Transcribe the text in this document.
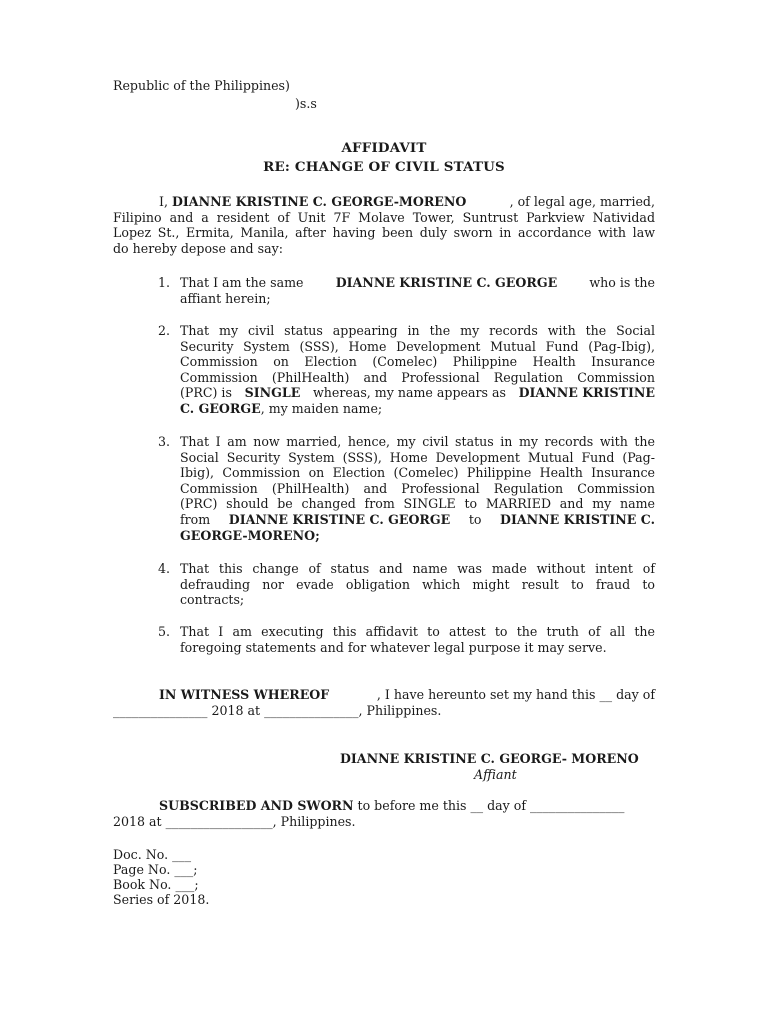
Republic of the Philippines)
)s.s
AFFIDAVIT
RE: CHANGE OF CIVIL STATUS
I, DIANNE KRISTINE C. GEORGE-MORENO	, of legal age, married,
Filipino and a resident of Unit 7F Molave Tower, Suntrust Parkview Natividad
Lopez St., Ermita, Manila, after having been duly sworn in accordance with law
do hereby depose and say:
1. That I am the same	DIANNE KRISTINE C. GEORGE	who is the
affiant herein;
2. That my civil status appearing in the my records with the Social
Security System (SSS), Home Development Mutual Fund (Pag-Ibig),
Commission on Election (Comelec) Philippine Health Insurance
Commission (PhilHealth) and Professional Regulation Commission
(PRC) is SINGLE whereas, my name appears as DIANNE KRISTINE
C. GEORGE, my maiden name;
3. That I am now married, hence, my civil status in my records with the
Social Security System (SSS), Home Development Mutual Fund (Pag-
Ibig), Commission on Election (Comelec) Philippine Health Insurance
Commission (PhilHealth) and Professional Regulation Commission
(PRC) should be changed from SINGLE to MARRIED and my name
from DIANNE KRISTINE C. GEORGE to DIANNE KRISTINE C.
GEORGE-MORENO;
4. That this change of status and name was made without intent of
defrauding nor evade obligation which might result to fraud to
contracts;
5. That I am executing this affidavit to attest to the truth of all the
foregoing statements and for whatever legal purpose it may serve.
IN WITNESS WHEREOF	, I have hereunto set my hand this __ day of
_______________ 2018 at _______________, Philippines.
DIANNE KRISTINE C. GEORGE- MORENO
Affiant
SUBSCRIBED AND SWORN to before me this __ day of _______________
2018 at _________________, Philippines.
Doc. No. ___
Page No. ___;
Book No. ___;
Series of 2018.
